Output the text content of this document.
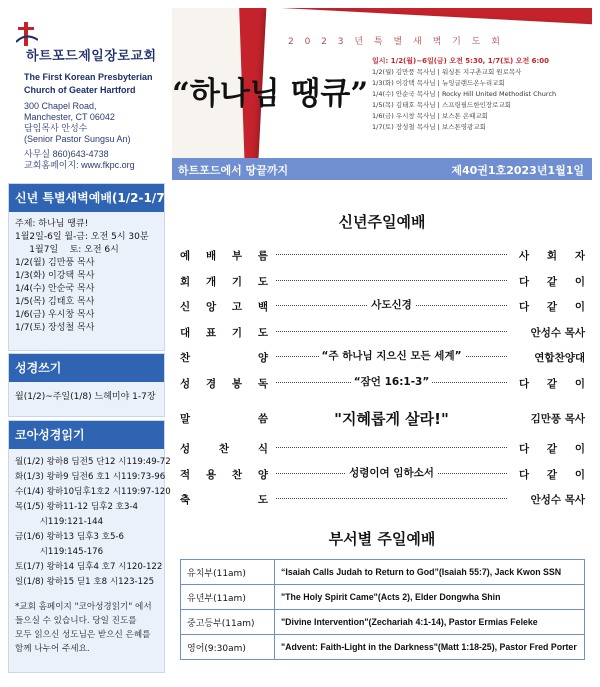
하트포드제일장로교회
The First Korean Presbyterian
Church of Geater Hartford
300 Chapel Road,
Manchester, CT 06042
담임목사 안성수
(Senior Pastor Sungsu An)
사무실 860)643-4738
교회홈페이지: www.fkpc.org
신년 특별새벽예배(1/2-1/7)
주제: 하나님 땡큐!
1월2일-6일 월-금: 오전 5시 30분
1월7일    토: 오전 6시
1/2(월) 김만풍 목사
1/3(화) 이강택 목사
1/4(수) 안순국 목사
1/5(목) 김태호 목사
1/6(금) 우시창 목사
1/7(토) 장성철 목사
성경쓰기
월(1/2)~주일(1/8) 느헤미야 1-7장
코아성경읽기
월(1/2) 왕하8 딤전5 단12 시119:49-72
화(1/3) 왕하9 딤전6 호1 시119:73-96
수(1/4) 왕하10딤후1호2 시119:97-120
목(1/5) 왕하11-12 딤후2 호3-4
시119:121-144
금(1/6) 왕하13 딤후3 호5-6
시119:145-176
토(1/7) 왕하14 딤후4 호7 시120-122
일(1/8) 왕하15 딛1 호8 시123-125
*교회 홈페이지 "코아성경읽기" 에서
들으실 수 있습니다. 당일 진도를
모두 읽으신 성도님은 받으신 은혜를
함께 나누어 주세요.
2 0 2 3 년 특 별 새 벽 기 도 회
일시: 1/2(월)~6일(금) 오전 5:30, 1/7(토) 오전 6:00
1/2(월) 김만풍 목사님 | 워싱톤 지구촌교회 원로목사
1/3(화) 이강택 목사님 | 뉴잉글랜드온누리교회
1/4(수) 안순국 목사님 | Rocky Hill United Methodist Church
1/5(목) 김태호 목사님 | 스프링필드한인장로교회
1/6(금) 우시창 목사님 | 보스톤 온때교회
1/7(토) 장성철 목사님 | 보스톤영광교회
“하나님 땡큐”
하트포드에서 땅끝까지	제40권1호2023년1월1일
신년주일예배
예 배 부 름	사 회 자
회 개 기 도	다 같 이
신 앙 고 백	사도신경	다 같 이
대 표 기 도	안성수 목사
찬	양	“주 하나님 지으신 모든 세계”	연합찬양대
성 경 봉 독	“잠언 16:1-3”	다 같 이
말	씀	"지혜롭게 살라!"	김만풍 목사
성	찬	식	다 같 이
적 용 찬 양	성령이여 임하소서	다 같 이
축	도	안성수 목사
부서별 주일예배
유치부(11am)	“Isaiah Calls Judah to Return to God”(Isaiah 55:7), Jack Kwon SSN
유년부(11am)	"The Holy Spirit Came"(Acts 2), Elder Dongwha Shin
중고등부(11am)	"Divine Intervention"(Zechariah 4:1-14), Pastor Ermias Feleke
영어(9:30am)	"Advent: Faith-Light in the Darkness"(Matt 1:18-25), Pastor Fred Porter
